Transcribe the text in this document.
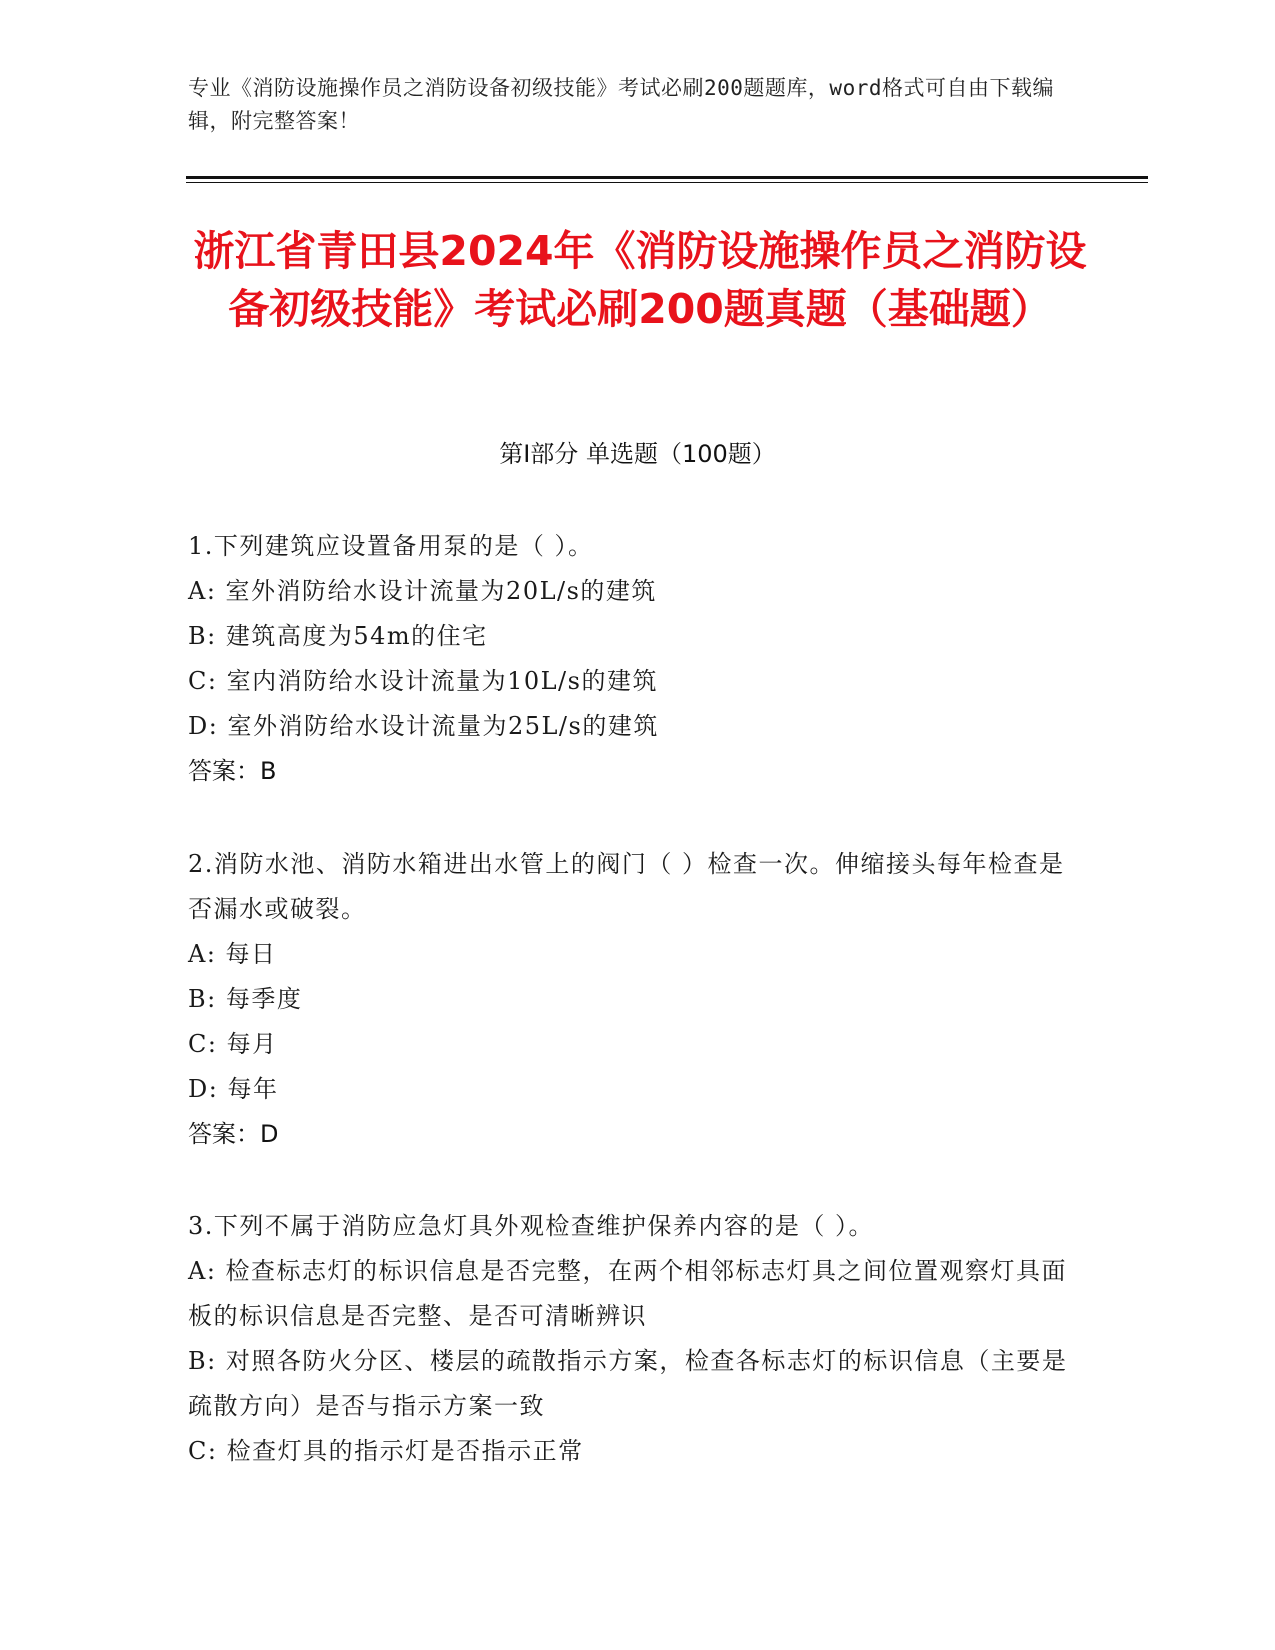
专业《消防设施操作员之消防设备初级技能》考试必刷200题题库，word格式可自由下载编辑，附完整答案！
浙江省青田县2024年《消防设施操作员之消防设备初级技能》考试必刷200题真题（基础题）
第I部分 单选题（100题）

1.下列建筑应设置备用泵的是（ ）。

A: 室外消防给水设计流量为20L/s的建筑

B: 建筑高度为54m的住宅

C: 室内消防给水设计流量为10L/s的建筑

D: 室外消防给水设计流量为25L/s的建筑

答案：B

2.消防水池、消防水箱进出水管上的阀门（ ）检查一次。伸缩接头每年检查是否漏水或破裂。

A: 每日

B: 每季度

C: 每月

D: 每年

答案：D

3.下列不属于消防应急灯具外观检查维护保养内容的是（ ）。

A: 检查标志灯的标识信息是否完整，在两个相邻标志灯具之间位置观察灯具面板的标识信息是否完整、是否可清晰辨识

B: 对照各防火分区、楼层的疏散指示方案，检查各标志灯的标识信息（主要是疏散方向）是否与指示方案一致

C: 检查灯具的指示灯是否指示正常
